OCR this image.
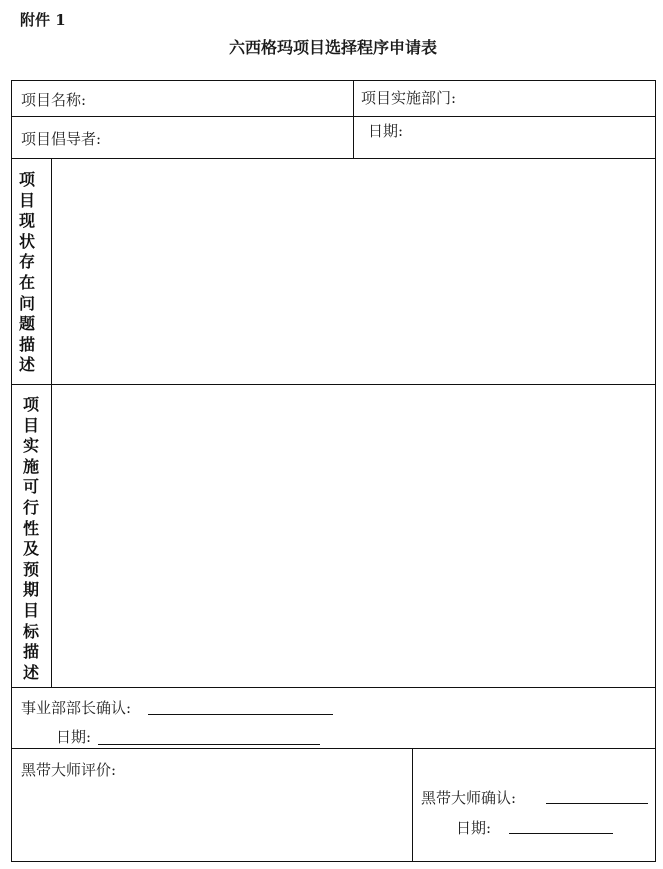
附件 1
六西格玛项目选择程序申请表
项目名称:	项目实施部门:
项目倡导者:	日期:
项
目
现
状
存
在
问
题
描
述
项
目
实
施
可
行
性
及
预
期
目
标
描
述
事业部部长确认:
日期:
黑带大师评价:
黑带大师确认:
日期:
